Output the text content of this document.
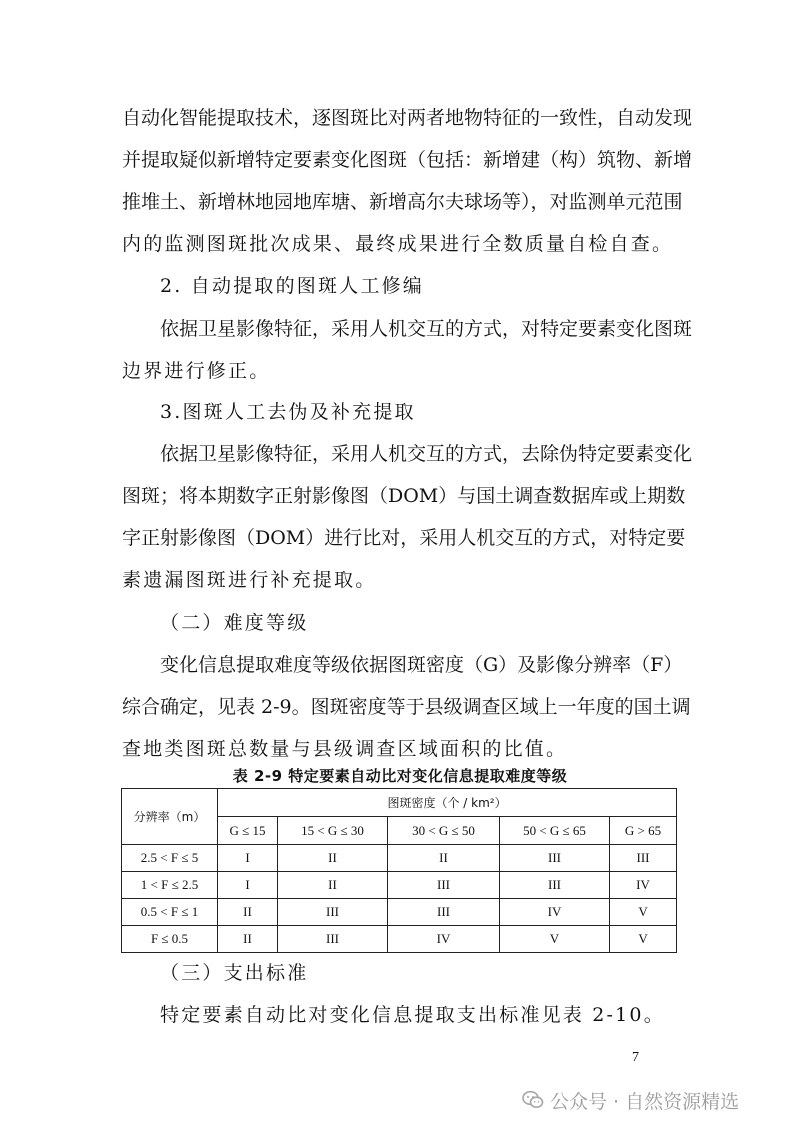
自动化智能提取技术，逐图斑比对两者地物特征的一致性，自动发现
并提取疑似新增特定要素变化图斑（包括：新增建（构）筑物、新增
推堆土、新增林地园地库塘、新增高尔夫球场等），对监测单元范围
内的监测图斑批次成果、最终成果进行全数质量自检自查。
2. 自动提取的图斑人工修编
依据卫星影像特征，采用人机交互的方式，对特定要素变化图斑
边界进行修正。
3.图斑人工去伪及补充提取
依据卫星影像特征，采用人机交互的方式，去除伪特定要素变化
图斑；将本期数字正射影像图（DOM）与国土调查数据库或上期数
字正射影像图（DOM）进行比对，采用人机交互的方式，对特定要
素遗漏图斑进行补充提取。
（二）难度等级
变化信息提取难度等级依据图斑密度（G）及影像分辨率（F）
综合确定，见表 2-9。图斑密度等于县级调查区域上一年度的国土调
查地类图斑总数量与县级调查区域面积的比值。
表 2-9 特定要素自动比对变化信息提取难度等级
分辨率（m）	图斑密度（个 / km²）				
	G ≤ 15	15 < G ≤ 30	30 < G ≤ 50	50 < G ≤ 65	G > 65
2.5 < F ≤ 5	I	II	II	III	III
1 < F ≤ 2.5	I	II	III	III	IV
0.5 < F ≤ 1	II	III	III	IV	V
F ≤ 0.5	II	III	IV	V	V
（三）支出标准
特定要素自动比对变化信息提取支出标准见表 2-10。
7
公众号 · 自然资源精选
